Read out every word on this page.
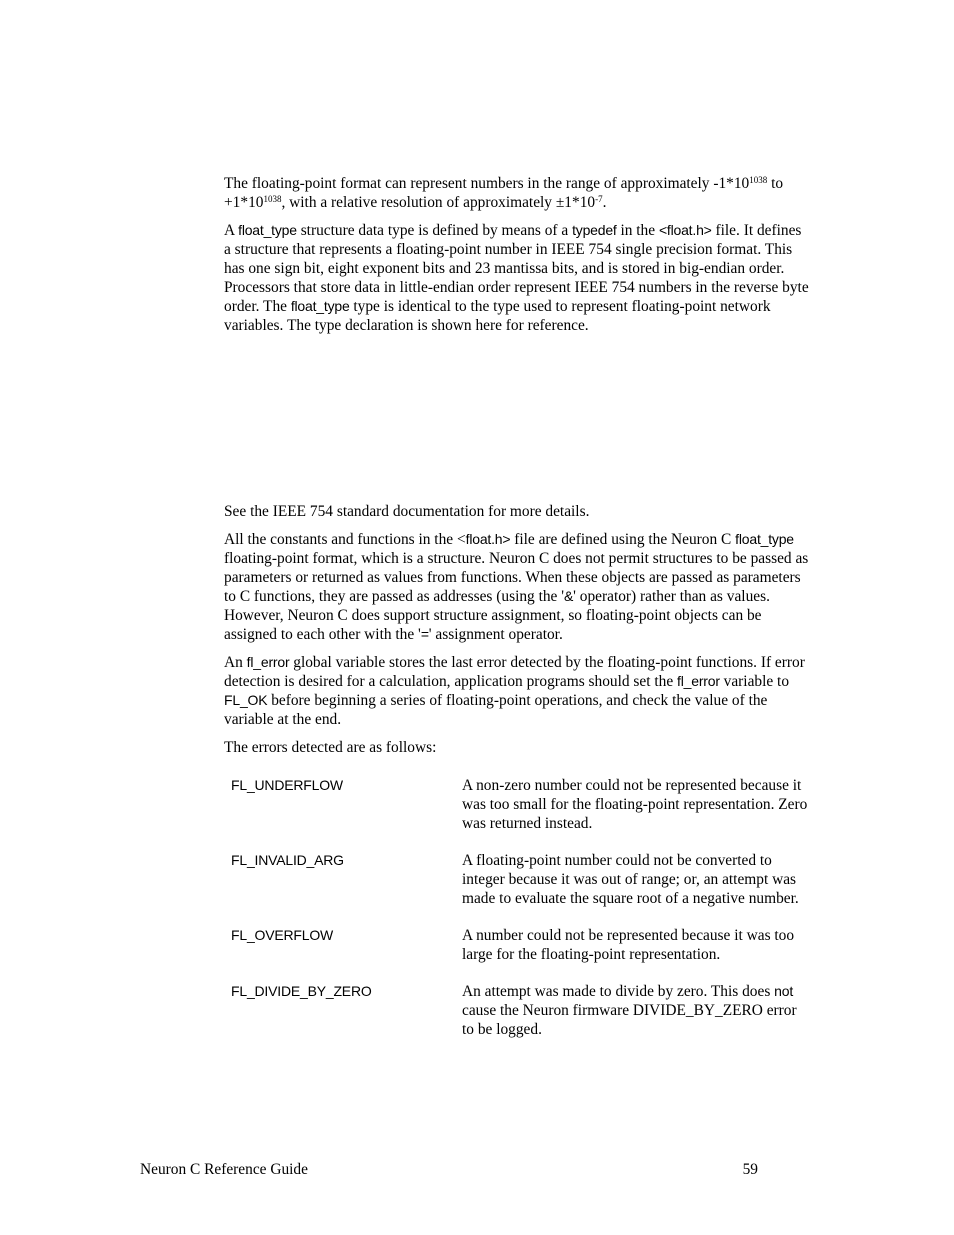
The floating-point format can represent numbers in the range of approximately $-1*10^{1038}$ to $+1*10^{1038}$, with a relative resolution of approximately $\pm 1*10^{-7}$.

A float_type structure data type is defined by means of a typedef in the <float.h> file. It defines a structure that represents a floating-point number in IEEE 754 single precision format. This has one sign bit, eight exponent bits and 23 mantissa bits, and is stored in big-endian order. Processors that store data in little-endian order represent IEEE 754 numbers in the reverse byte order. The float_type type is identical to the type used to represent floating-point network variables. The type declaration is shown here for reference.

See the IEEE 754 standard documentation for more details.

All the constants and functions in the <float.h> file are defined using the Neuron C float_type floating-point format, which is a structure. Neuron C does not permit structures to be passed as parameters or returned as values from functions. When these objects are passed as parameters to C functions, they are passed as addresses (using the '&' operator) rather than as values. However, Neuron C does support structure assignment, so floating-point objects can be assigned to each other with the '=' assignment operator.

An fl_error global variable stores the last error detected by the floating-point functions. If error detection is desired for a calculation, application programs should set the fl_error variable to FL_OK before beginning a series of floating-point operations, and check the value of the variable at the end.

The errors detected are as follows:

FL_UNDERFLOW	A non-zero number could not be represented because it was too small for the floating-point representation. Zero was returned instead.
FL_INVALID_ARG	A floating-point number could not be converted to integer because it was out of range; or, an attempt was made to evaluate the square root of a negative number.
FL_OVERFLOW	A number could not be represented because it was too large for the floating-point representation.
FL_DIVIDE_BY_ZERO	An attempt was made to divide by zero. This does not cause the Neuron firmware DIVIDE_BY_ZERO error to be logged.
Neuron C Reference Guide	59
